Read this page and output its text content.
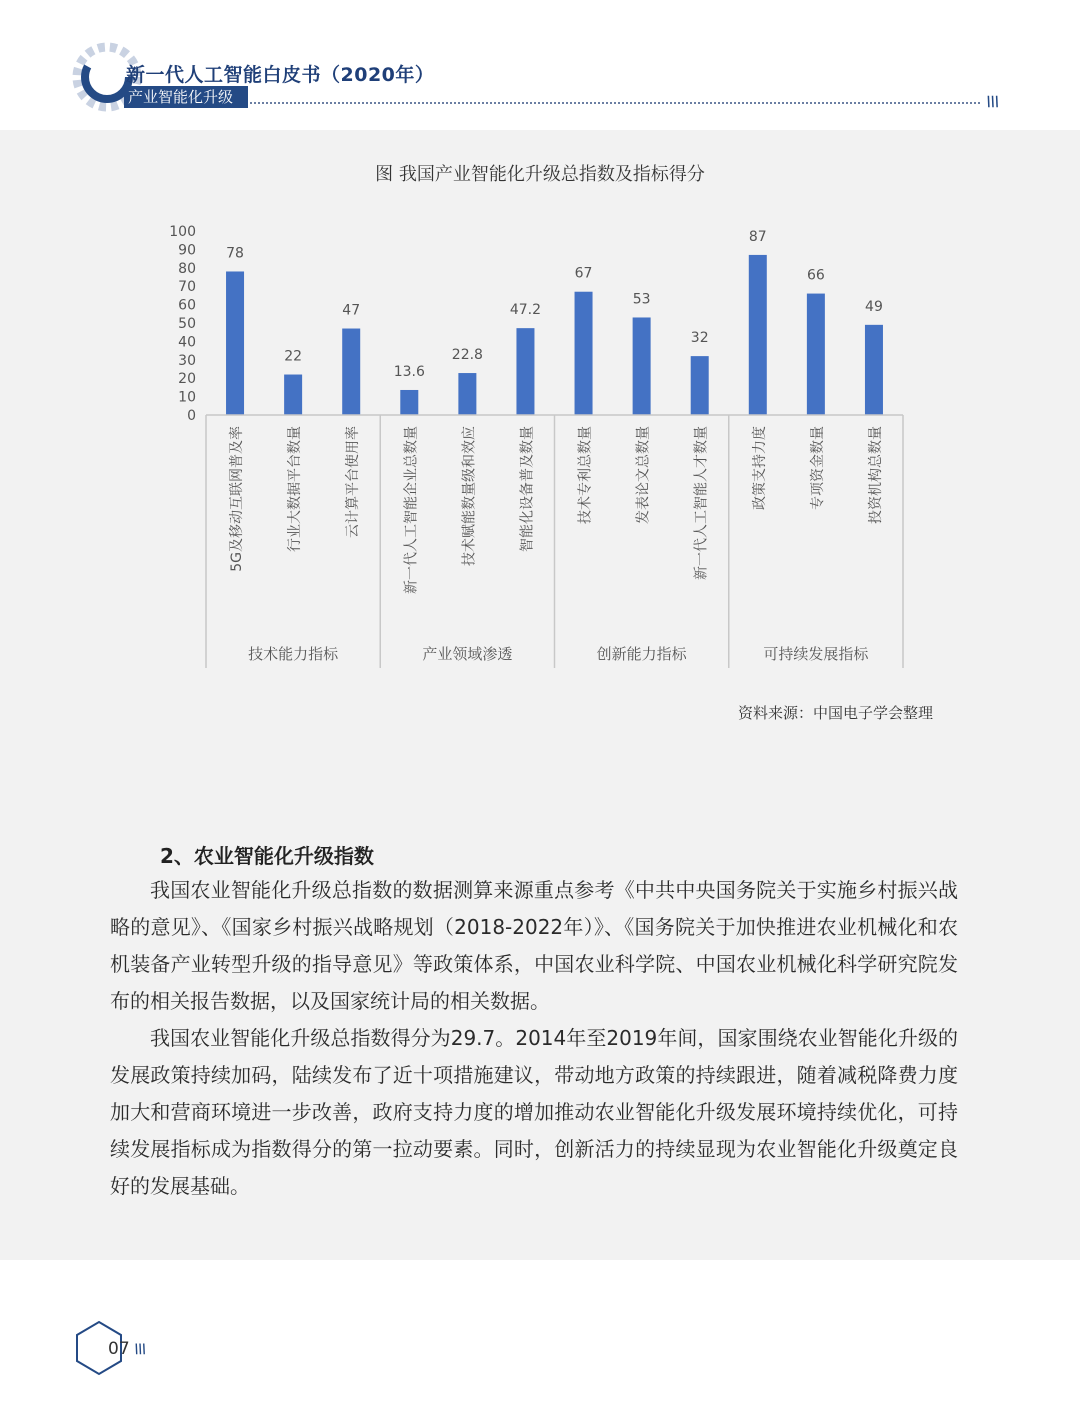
新一代人工智能白皮书（2020年）
产业智能化升级	\\\
图 我国产业智能化升级总指数及指标得分
0
10
20
30
40
50
60
70
80
90
100
78
22
47
13.6
22.8
47.2
67
53
32
87
66
49
技术能力指标	产业领域渗透	创新能力指标	可持续发展指标
5G及移动互联网普及率	行业大数据平台数量	云计算平台使用率	新一代人工智能企业总数量	技术赋能数量级和效应	智能化设备普及数量	技术专利总数量	发表论文总数量	新一代人工智能人才数量	政策支持力度	专项资金数量	投资机构总数量
资料来源：中国电子学会整理
2、农业智能化升级指数

我国农业智能化升级总指数的数据测算来源重点参考《中共中央国务院关于实施乡村振兴战略的意见》、《国家乡村振兴战略规划（2018-2022年）》、《国务院关于加快推进农业机械化和农机装备产业转型升级的指导意见》等政策体系，中国农业科学院、中国农业机械化科学研究院发布的相关报告数据，以及国家统计局的相关数据。

我国农业智能化升级总指数得分为29.7。2014年至2019年间，国家围绕农业智能化升级的发展政策持续加码，陆续发布了近十项措施建议，带动地方政策的持续跟进，随着减税降费力度加大和营商环境进一步改善，政府支持力度的增加推动农业智能化升级发展环境持续优化，可持续发展指标成为指数得分的第一拉动要素。同时，创新活力的持续显现为农业智能化升级奠定良好的发展基础。

07 \\\
